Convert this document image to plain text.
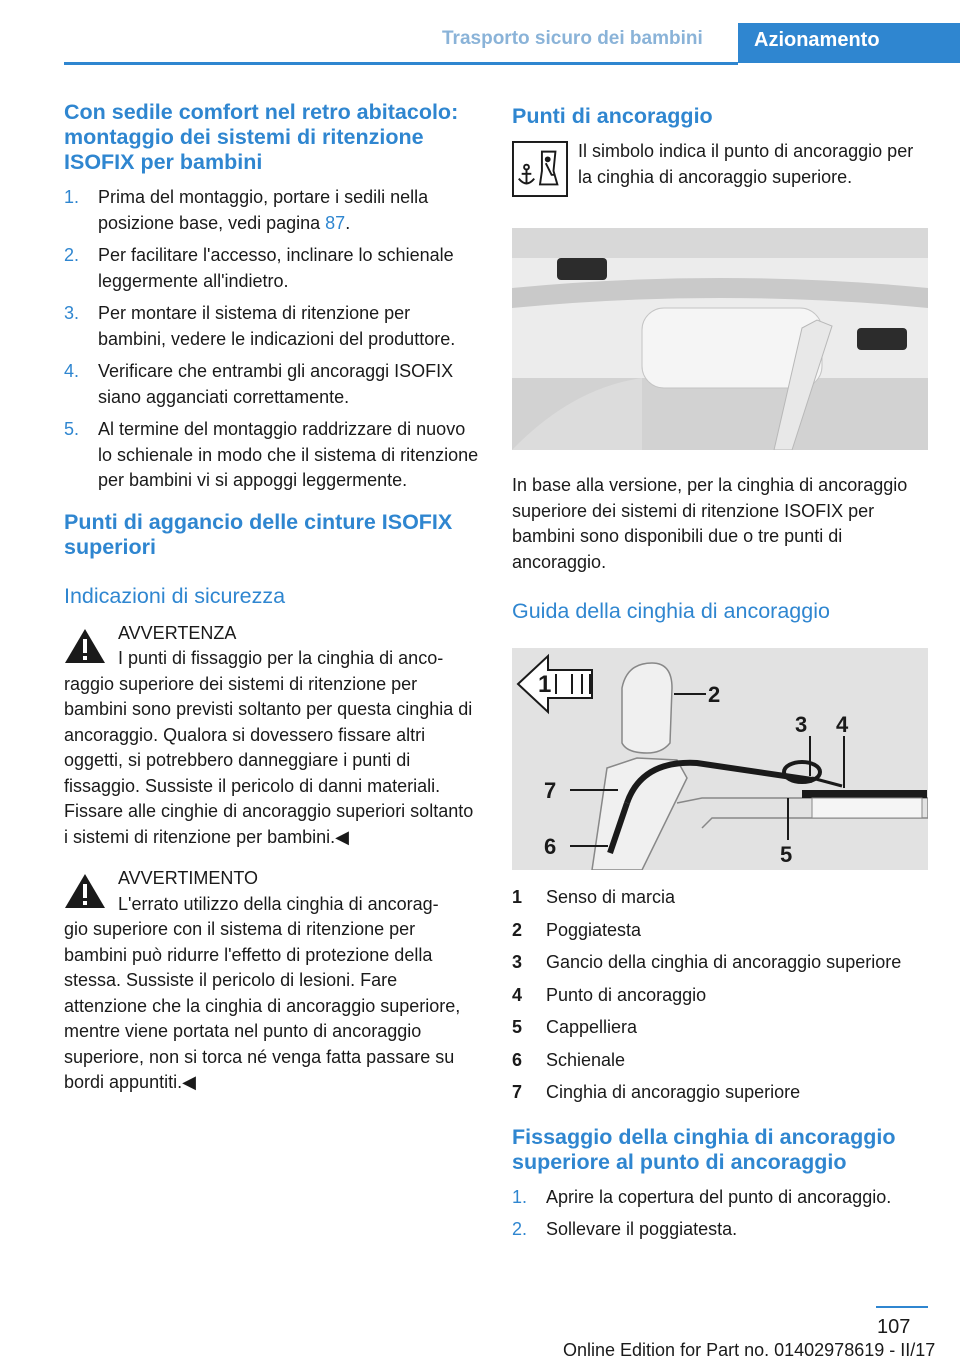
Trasporto sicuro dei bambini	Azionamento
Con sedile comfort nel retro abitacolo: montaggio dei sistemi di ritenzione ISOFIX per bambini
1. Prima del montaggio, portare i sedili nella posizione base, vedi pagina 87.
2. Per facilitare l'accesso, inclinare lo schienale leggermente all'indietro.
3. Per montare il sistema di ritenzione per bambini, vedere le indicazioni del produttore.
4. Verificare che entrambi gli ancoraggi ISOFIX siano agganciati correttamente.
5. Al termine del montaggio raddrizzare di nuovo lo schienale in modo che il sistema di ritenzione per bambini vi si appoggi leggermente.
Punti di aggancio delle cinture ISOFIX superiori
Indicazioni di sicurezza
AVVERTENZA

I punti di fissaggio per la cinghia di anco-

raggio superiore dei sistemi di ritenzione per bambini sono previsti soltanto per questa cinghia di ancoraggio. Qualora si dovessero fissare altri oggetti, si potrebbero danneggiare i punti di fissaggio. Sussiste il pericolo di danni materiali. Fissare alle cinghie di ancoraggio superiori soltanto i sistemi di ritenzione per bambini.◀

AVVERTIMENTO

L'errato utilizzo della cinghia di ancorag-

gio superiore con il sistema di ritenzione per bambini può ridurre l'effetto di protezione della stessa. Sussiste il pericolo di lesioni. Fare attenzione che la cinghia di ancoraggio superiore, mentre viene portata nel punto di ancoraggio superiore, non si torca né venga fatta passare su bordi appuntiti.◀

Punti di ancoraggio

Il simbolo indica il punto di ancoraggio per la cinghia di ancoraggio superiore.

In base alla versione, per la cinghia di ancoraggio superiore dei sistemi di ritenzione ISOFIX per bambini sono disponibili due o tre punti di ancoraggio.

Guida della cinghia di ancoraggio
1	2
3 4
5
6
7
1	Senso di marcia
2	Poggiatesta
3	Gancio della cinghia di ancoraggio superiore
4	Punto di ancoraggio
5	Cappelliera
6	Schienale
7	Cinghia di ancoraggio superiore
Fissaggio della cinghia di ancoraggio superiore al punto di ancoraggio
1. Aprire la copertura del punto di ancoraggio.
2. Sollevare il poggiatesta.
107
Online Edition for Part no. 01402978619 - II/17
